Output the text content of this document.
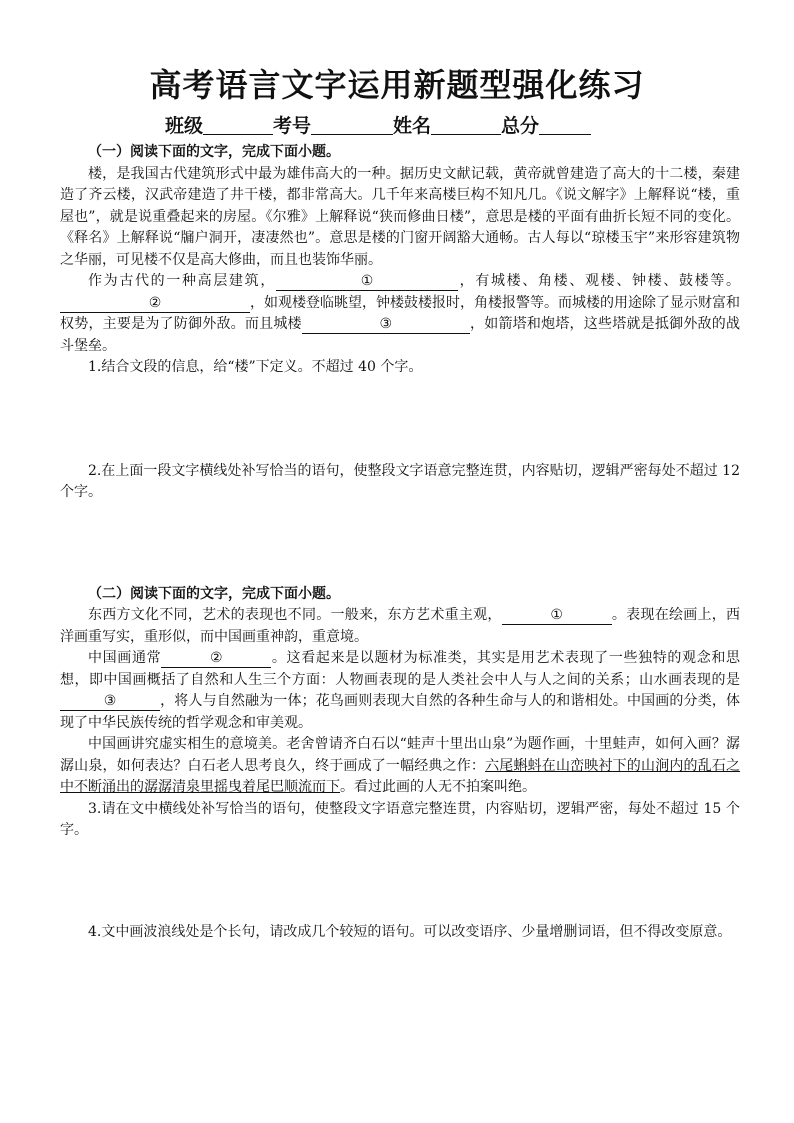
高考语言文字运用新题型强化练习
班级	考号	姓名	总分

（一）阅读下面的文字，完成下面小题。

楼，是我国古代建筑形式中最为雄伟高大的一种。据历史文献记载，黄帝就曾建造了高大的十二楼，秦建造了齐云楼，汉武帝建造了井干楼，都非常高大。几千年来高楼巨构不知凡几。《说文解字》上解释说“楼，重屋也”，就是说重叠起来的房屋。《尔雅》上解释说“狭而修曲日楼”，意思是楼的平面有曲折长短不同的变化。《释名》上解释说“牖户洞开，凄凄然也”。意思是楼的门窗开阔豁大通畅。古人每以“琼楼玉宇”来形容建筑物之华丽，可见楼不仅是高大修曲，而且也装饰华丽。

作为古代的一种高层建筑，	①	，有城楼、角楼、观楼、钟楼、鼓楼等。②	，如观楼登临眺望，钟楼鼓楼报时，角楼报警等。而城楼的用途除了显示财富和权势，主要是为了防御外敌。而且城楼	③	，如箭塔和炮塔，这些塔就是抵御外敌的战斗堡垒。

1.结合文段的信息，给“楼”下定义。不超过 40 个字。

2.在上面一段文字横线处补写恰当的语句，使整段文字语意完整连贯，内容贴切，逻辑严密每处不超过 12 个字。

（二）阅读下面的文字，完成下面小题。

东西方文化不同，艺术的表现也不同。一般来，东方艺术重主观，	①	。表现在绘画上，西洋画重写实，重形似，而中国画重神韵，重意境。

中国画通常	②	。这看起来是以题材为标准类，其实是用艺术表现了一些独特的观念和思想，即中国画概括了自然和人生三个方面：人物画表现的是人类社会中人与人之间的关系；山水画表现的是③	，将人与自然融为一体；花鸟画则表现大自然的各种生命与人的和谐相处。中国画的分类，体现了中华民族传统的哲学观念和审美观。

中国画讲究虚实相生的意境美。老舍曾请齐白石以“蛙声十里出山泉”为题作画，十里蛙声，如何入画？潺潺山泉，如何表达？白石老人思考良久，终于画成了一幅经典之作：六尾蝌蚪在山峦映衬下的山涧内的乱石之中不断涌出的潺潺清泉里摇曳着尾巴顺流而下。看过此画的人无不拍案叫绝。

3.请在文中横线处补写恰当的语句，使整段文字语意完整连贯，内容贴切，逻辑严密，每处不超过 15 个字。

4.文中画波浪线处是个长句，请改成几个较短的语句。可以改变语序、少量增删词语，但不得改变原意。
